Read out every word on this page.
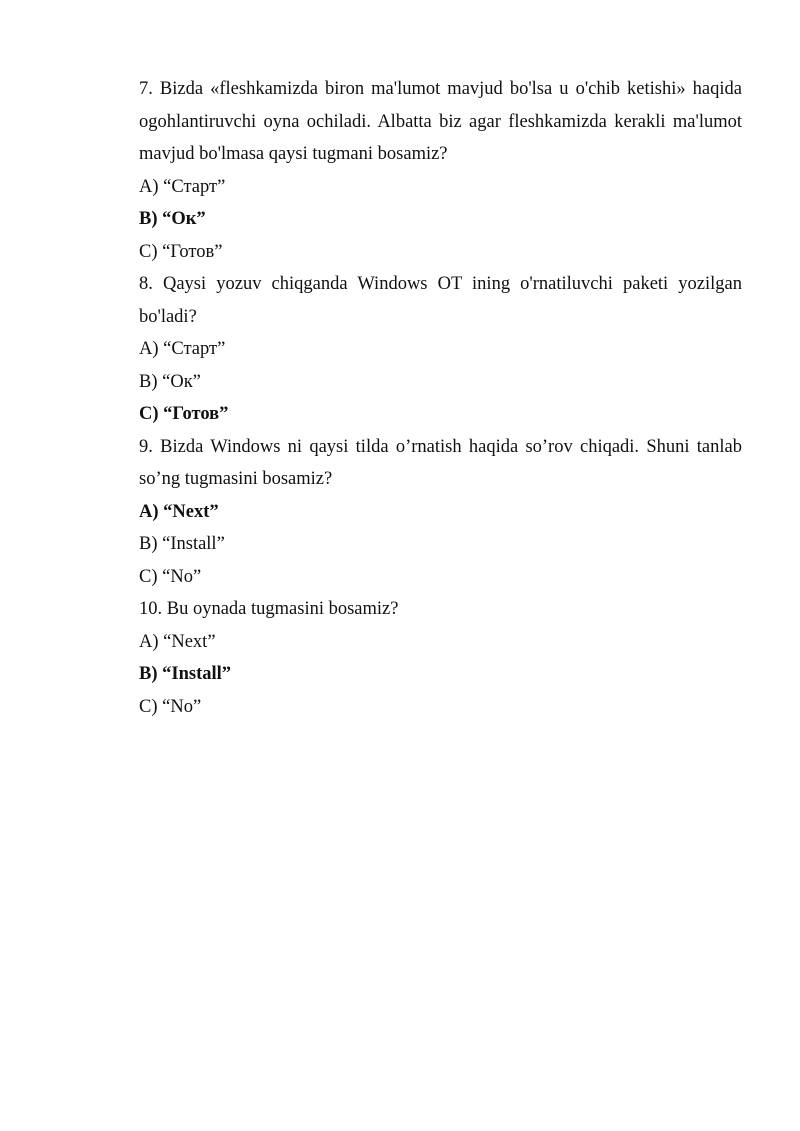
7. Bizda «fleshkamizda biron ma'lumot mavjud bo'lsa u o'chib ketishi» haqida ogohlantiruvchi oyna ochiladi. Albatta biz agar fleshkamizda kerakli ma'lumot mavjud bo'lmasa qaysi tugmani bosamiz?

A) “Старт”
B) “Ок”
C) “Готов”

8. Qaysi yozuv chiqganda Windows OT ining o'rnatiluvchi paketi yozilgan bo'ladi?

A) “Старт”
B) “Ок”
C) “Готов”

9. Bizda Windows ni qaysi tilda o’rnatish haqida so’rov chiqadi. Shuni tanlab so’ng tugmasini bosamiz?

A) “Next”
B) “Install”
C) “No”

10. Bu oynada tugmasini bosamiz?

A) “Next”
B) “Install”
C) “No”
